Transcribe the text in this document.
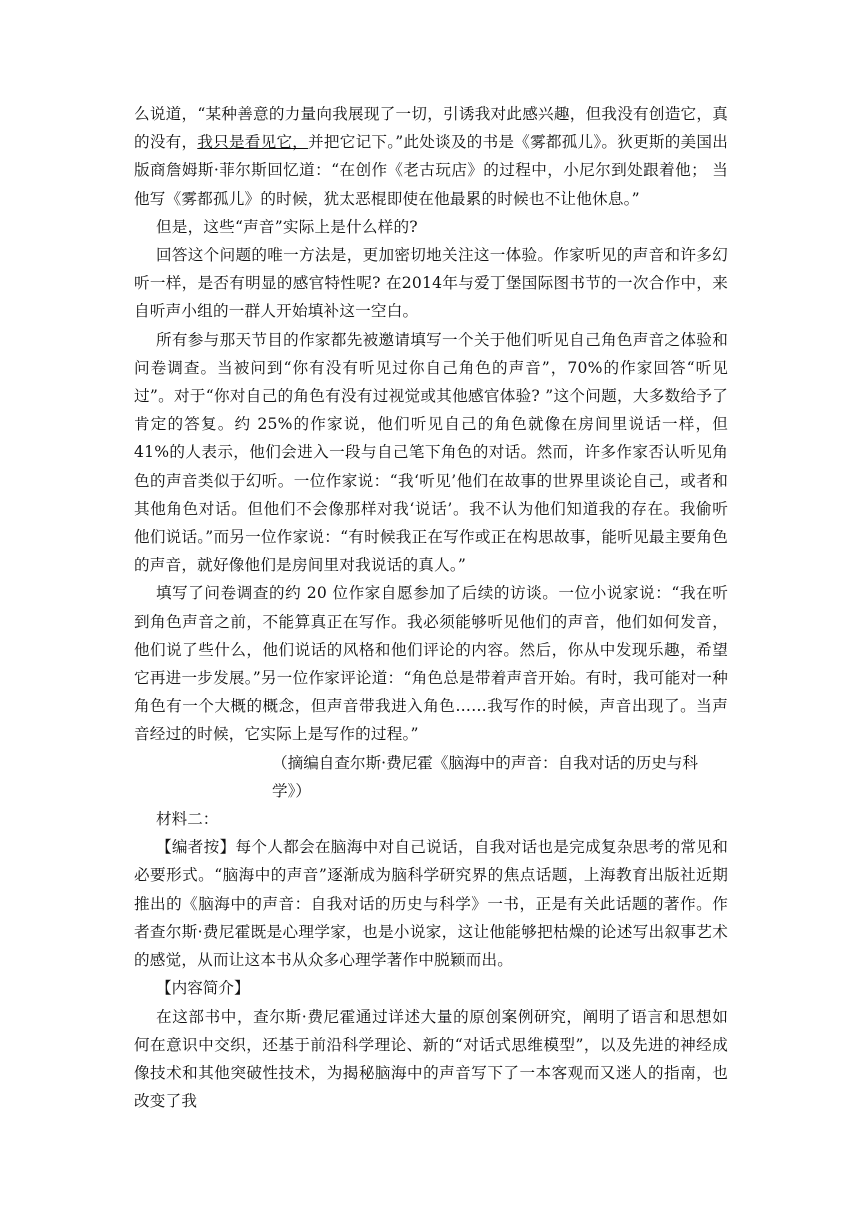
么说道，“某种善意的力量向我展现了一切，引诱我对此感兴趣，但我没有创造它，真的没有，我只是看见它，并把它记下。”此处谈及的书是《雾都孤儿》。狄更斯的美国出版商詹姆斯·菲尔斯回忆道：“在创作《老古玩店》的过程中，小尼尔到处跟着他； 当他写《雾都孤儿》的时候，犹太恶棍即使在他最累的时候也不让他休息。”

但是，这些“声音”实际上是什么样的?

回答这个问题的唯一方法是，更加密切地关注这一体验。作家听见的声音和许多幻听一样，是否有明显的感官特性呢? 在2014年与爱丁堡国际图书节的一次合作中，来自听声小组的一群人开始填补这一空白。

所有参与那天节目的作家都先被邀请填写一个关于他们听见自己角色声音之体验和问卷调查。当被问到“你有没有听见过你自己角色的声音”，70%的作家回答“听见过”。对于“你对自己的角色有没有过视觉或其他感官体验? ”这个问题，大多数给予了肯定的答复。约 25%的作家说，他们听见自己的角色就像在房间里说话一样，但 41%的人表示，他们会进入一段与自己笔下角色的对话。然而，许多作家否认听见角色的声音类似于幻听。一位作家说：“我‘听见’他们在故事的世界里谈论自己，或者和其他角色对话。但他们不会像那样对我‘说话’。我不认为他们知道我的存在。我偷听他们说话。”而另一位作家说：“有时候我正在写作或正在构思故事，能听见最主要角色的声音，就好像他们是房间里对我说话的真人。”

填写了问卷调查的约 20 位作家自愿参加了后续的访谈。一位小说家说：“我在听到角色声音之前，不能算真正在写作。我必须能够听见他们的声音，他们如何发音，他们说了些什么，他们说话的风格和他们评论的内容。然后，你从中发现乐趣，希望它再进一步发展。”另一位作家评论道：“角色总是带着声音开始。有时，我可能对一种角色有一个大概的概念，但声音带我进入角色……我写作的时候，声音出现了。当声音经过的时候，它实际上是写作的过程。”

（摘编自查尔斯·费尼霍《脑海中的声音：自我对话的历史与科学》）

材料二：

【编者按】每个人都会在脑海中对自己说话，自我对话也是完成复杂思考的常见和必要形式。“脑海中的声音”逐渐成为脑科学研究界的焦点话题，上海教育出版社近期推出的《脑海中的声音：自我对话的历史与科学》一书，正是有关此话题的著作。作者查尔斯·费尼霍既是心理学家，也是小说家，这让他能够把枯燥的论述写出叙事艺术的感觉，从而让这本书从众多心理学著作中脱颖而出。

【内容简介】

在这部书中，查尔斯·费尼霍通过详述大量的原创案例研究，阐明了语言和思想如何在意识中交织，还基于前沿科学理论、新的“对话式思维模型”，以及先进的神经成像技术和其他突破性技术，为揭秘脑海中的声音写下了一本客观而又迷人的指南，也改变了我
